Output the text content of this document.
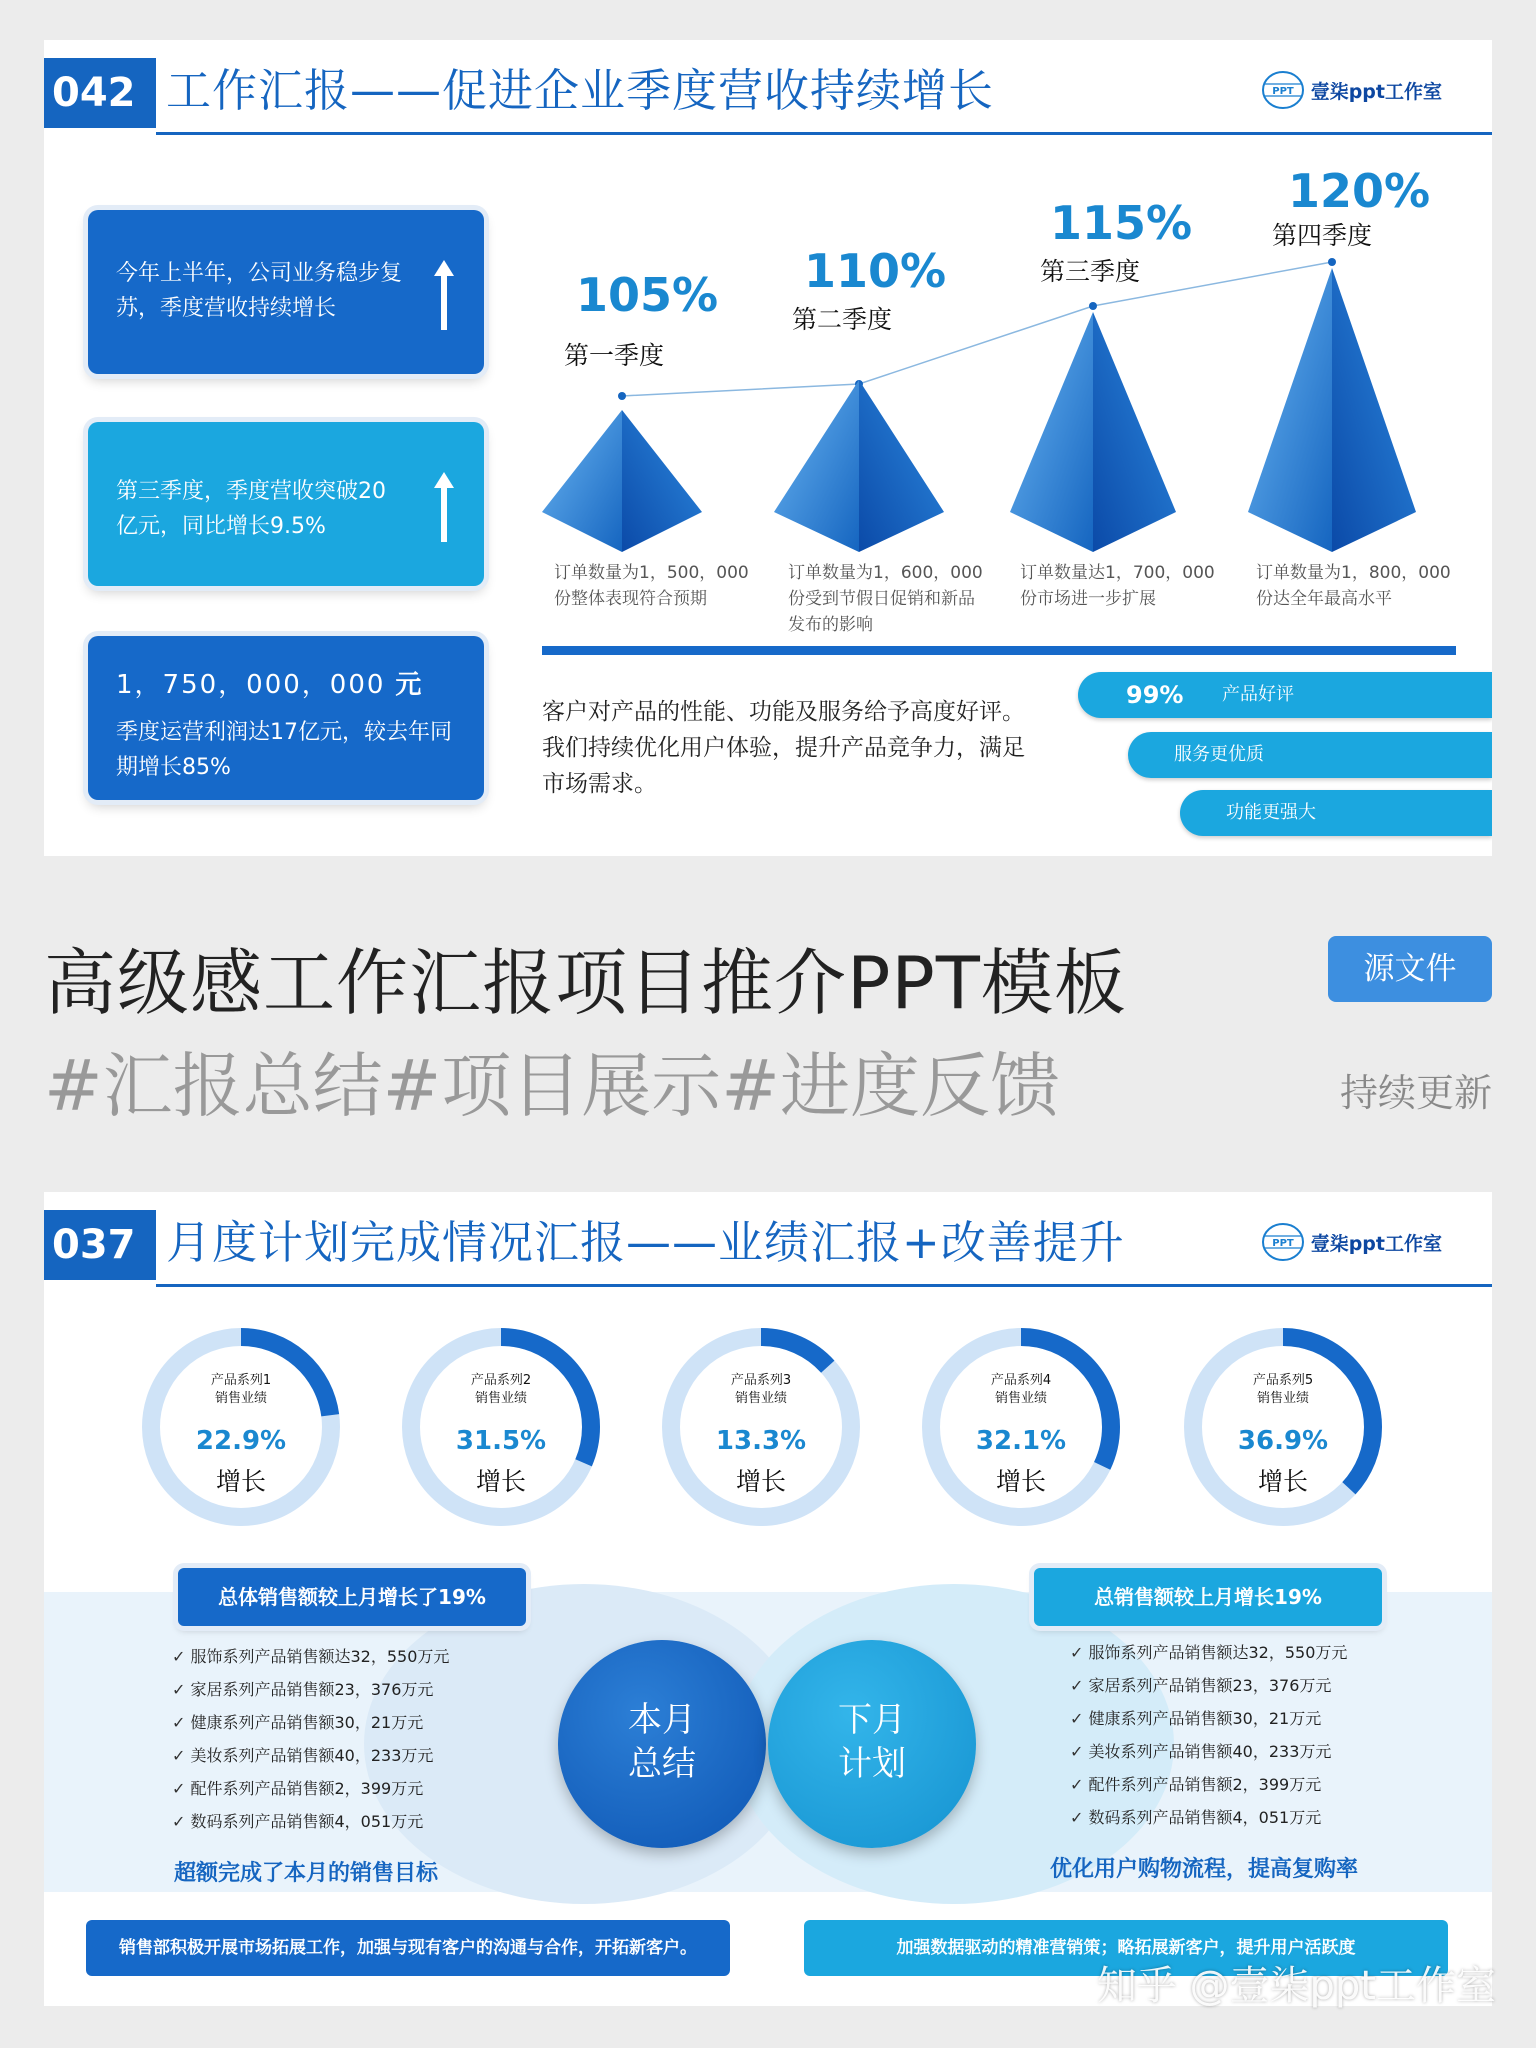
042 工作汇报——促进企业季度营收持续增长	PPT 壹柒ppt工作室

今年上半年，公司业务稳步复苏，季度营收持续增长

第三季度，季度营收突破20亿元，同比增长9.5%

1，750，000，000 元

季度运营利润达17亿元，较去年同期增长85%

105%
第一季度
110%
第二季度
115%
第三季度
120%
第四季度
订单数量为1，500，000份整体表现符合预期
订单数量为1，600，000份受到节假日促销和新品发布的影响
订单数量达1，700，000份市场进一步扩展
订单数量为1，800，000份达全年最高水平
客户对产品的性能、功能及服务给予高度好评。我们持续优化用户体验，提升产品竞争力，满足市场需求。
99% 产品好评
服务更优质
功能更强大
高级感工作汇报项目推介PPT模板
#汇报总结#项目展示#进度反馈
源文件
持续更新
037 月度计划完成情况汇报——业绩汇报+改善提升	PPT 壹柒ppt工作室
产品系列1
销售业绩
22.9%
增长
产品系列2
销售业绩
31.5%
增长
产品系列3
销售业绩
13.3%
增长
产品系列4
销售业绩
32.1%
增长
产品系列5
销售业绩
36.9%
增长
总体销售额较上月增长了19%	总销售额较上月增长19%
✓ 服饰系列产品销售额达32，550万元
✓ 家居系列产品销售额23，376万元
✓ 健康系列产品销售额30，21万元
✓ 美妆系列产品销售额40，233万元
✓ 配件系列产品销售额2，399万元
✓ 数码系列产品销售额4，051万元
✓ 服饰系列产品销售额达32，550万元
✓ 家居系列产品销售额23，376万元
✓ 健康系列产品销售额30，21万元
✓ 美妆系列产品销售额40，233万元
✓ 配件系列产品销售额2，399万元
✓ 数码系列产品销售额4，051万元
超额完成了本月的销售目标	优化用户购物流程，提高复购率
本月
总结
下月
计划
销售部积极开展市场拓展工作，加强与现有客户的沟通与合作，开拓新客户。	加强数据驱动的精准营销策；略拓展新客户，提升用户活跃度
知乎 @壹柒ppt工作室
